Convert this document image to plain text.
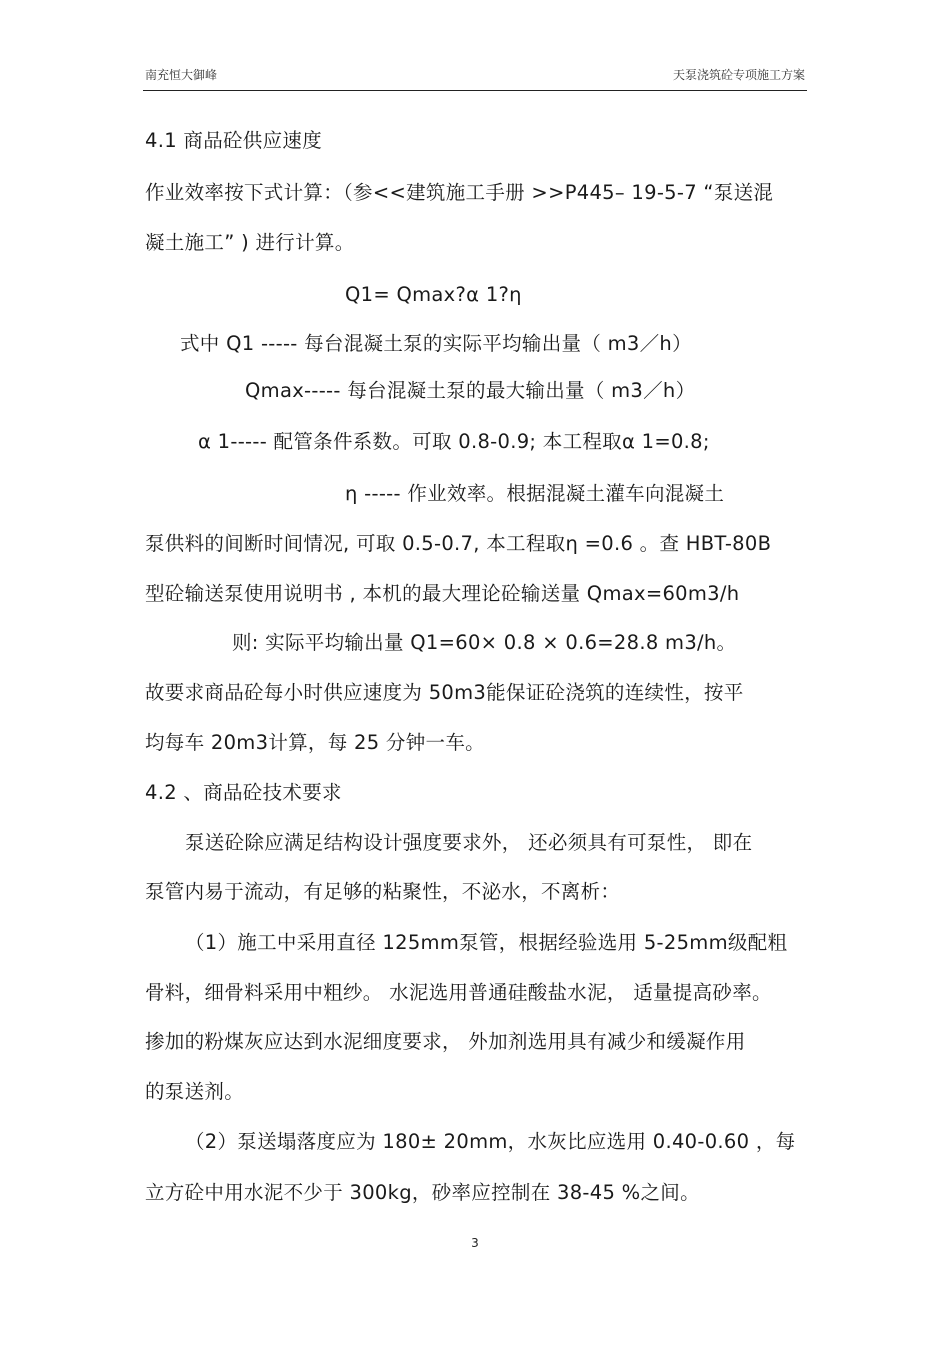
南充恒大御峰	天泵浇筑砼专项施工方案
4.1 商品砼供应速度
作业效率按下式计算：（参<<建筑施工手册 >>P445– 19-5-7 “泵送混
凝土施工” ) 进行计算。
Q1= Qmax?α 1?η
式中 Q1 ----- 每台混凝土泵的实际平均输出量（ m3／h）
Qmax----- 每台混凝土泵的最大输出量（ m3／h）
α 1----- 配管条件系数。可取 0.8-0.9; 本工程取α 1=0.8;
η ----- 作业效率。根据混凝土灌车向混凝土
泵供料的间断时间情况, 可取 0.5-0.7, 本工程取η =0.6 。查 HBT-80B
型砼输送泵使用说明书 , 本机的最大理论砼输送量 Qmax=60m3/h
则: 实际平均输出量 Q1=60× 0.8 × 0.6=28.8 m3/h。
故要求商品砼每小时供应速度为 50m3能保证砼浇筑的连续性，按平
均每车 20m3计算，每 25 分钟一车。
4.2 、商品砼技术要求
泵送砼除应满足结构设计强度要求外， 还必须具有可泵性， 即在
泵管内易于流动，有足够的粘聚性，不泌水，不离析：
（1）施工中采用直径 125mm泵管，根据经验选用 5-25mm级配粗
骨料，细骨料采用中粗纱。 水泥选用普通硅酸盐水泥， 适量提高砂率。
掺加的粉煤灰应达到水泥细度要求， 外加剂选用具有减少和缓凝作用
的泵送剂。
（2）泵送塌落度应为 180± 20mm，水灰比应选用 0.40-0.60 ，每
立方砼中用水泥不少于 300kg，砂率应控制在 38-45 %之间。
3
